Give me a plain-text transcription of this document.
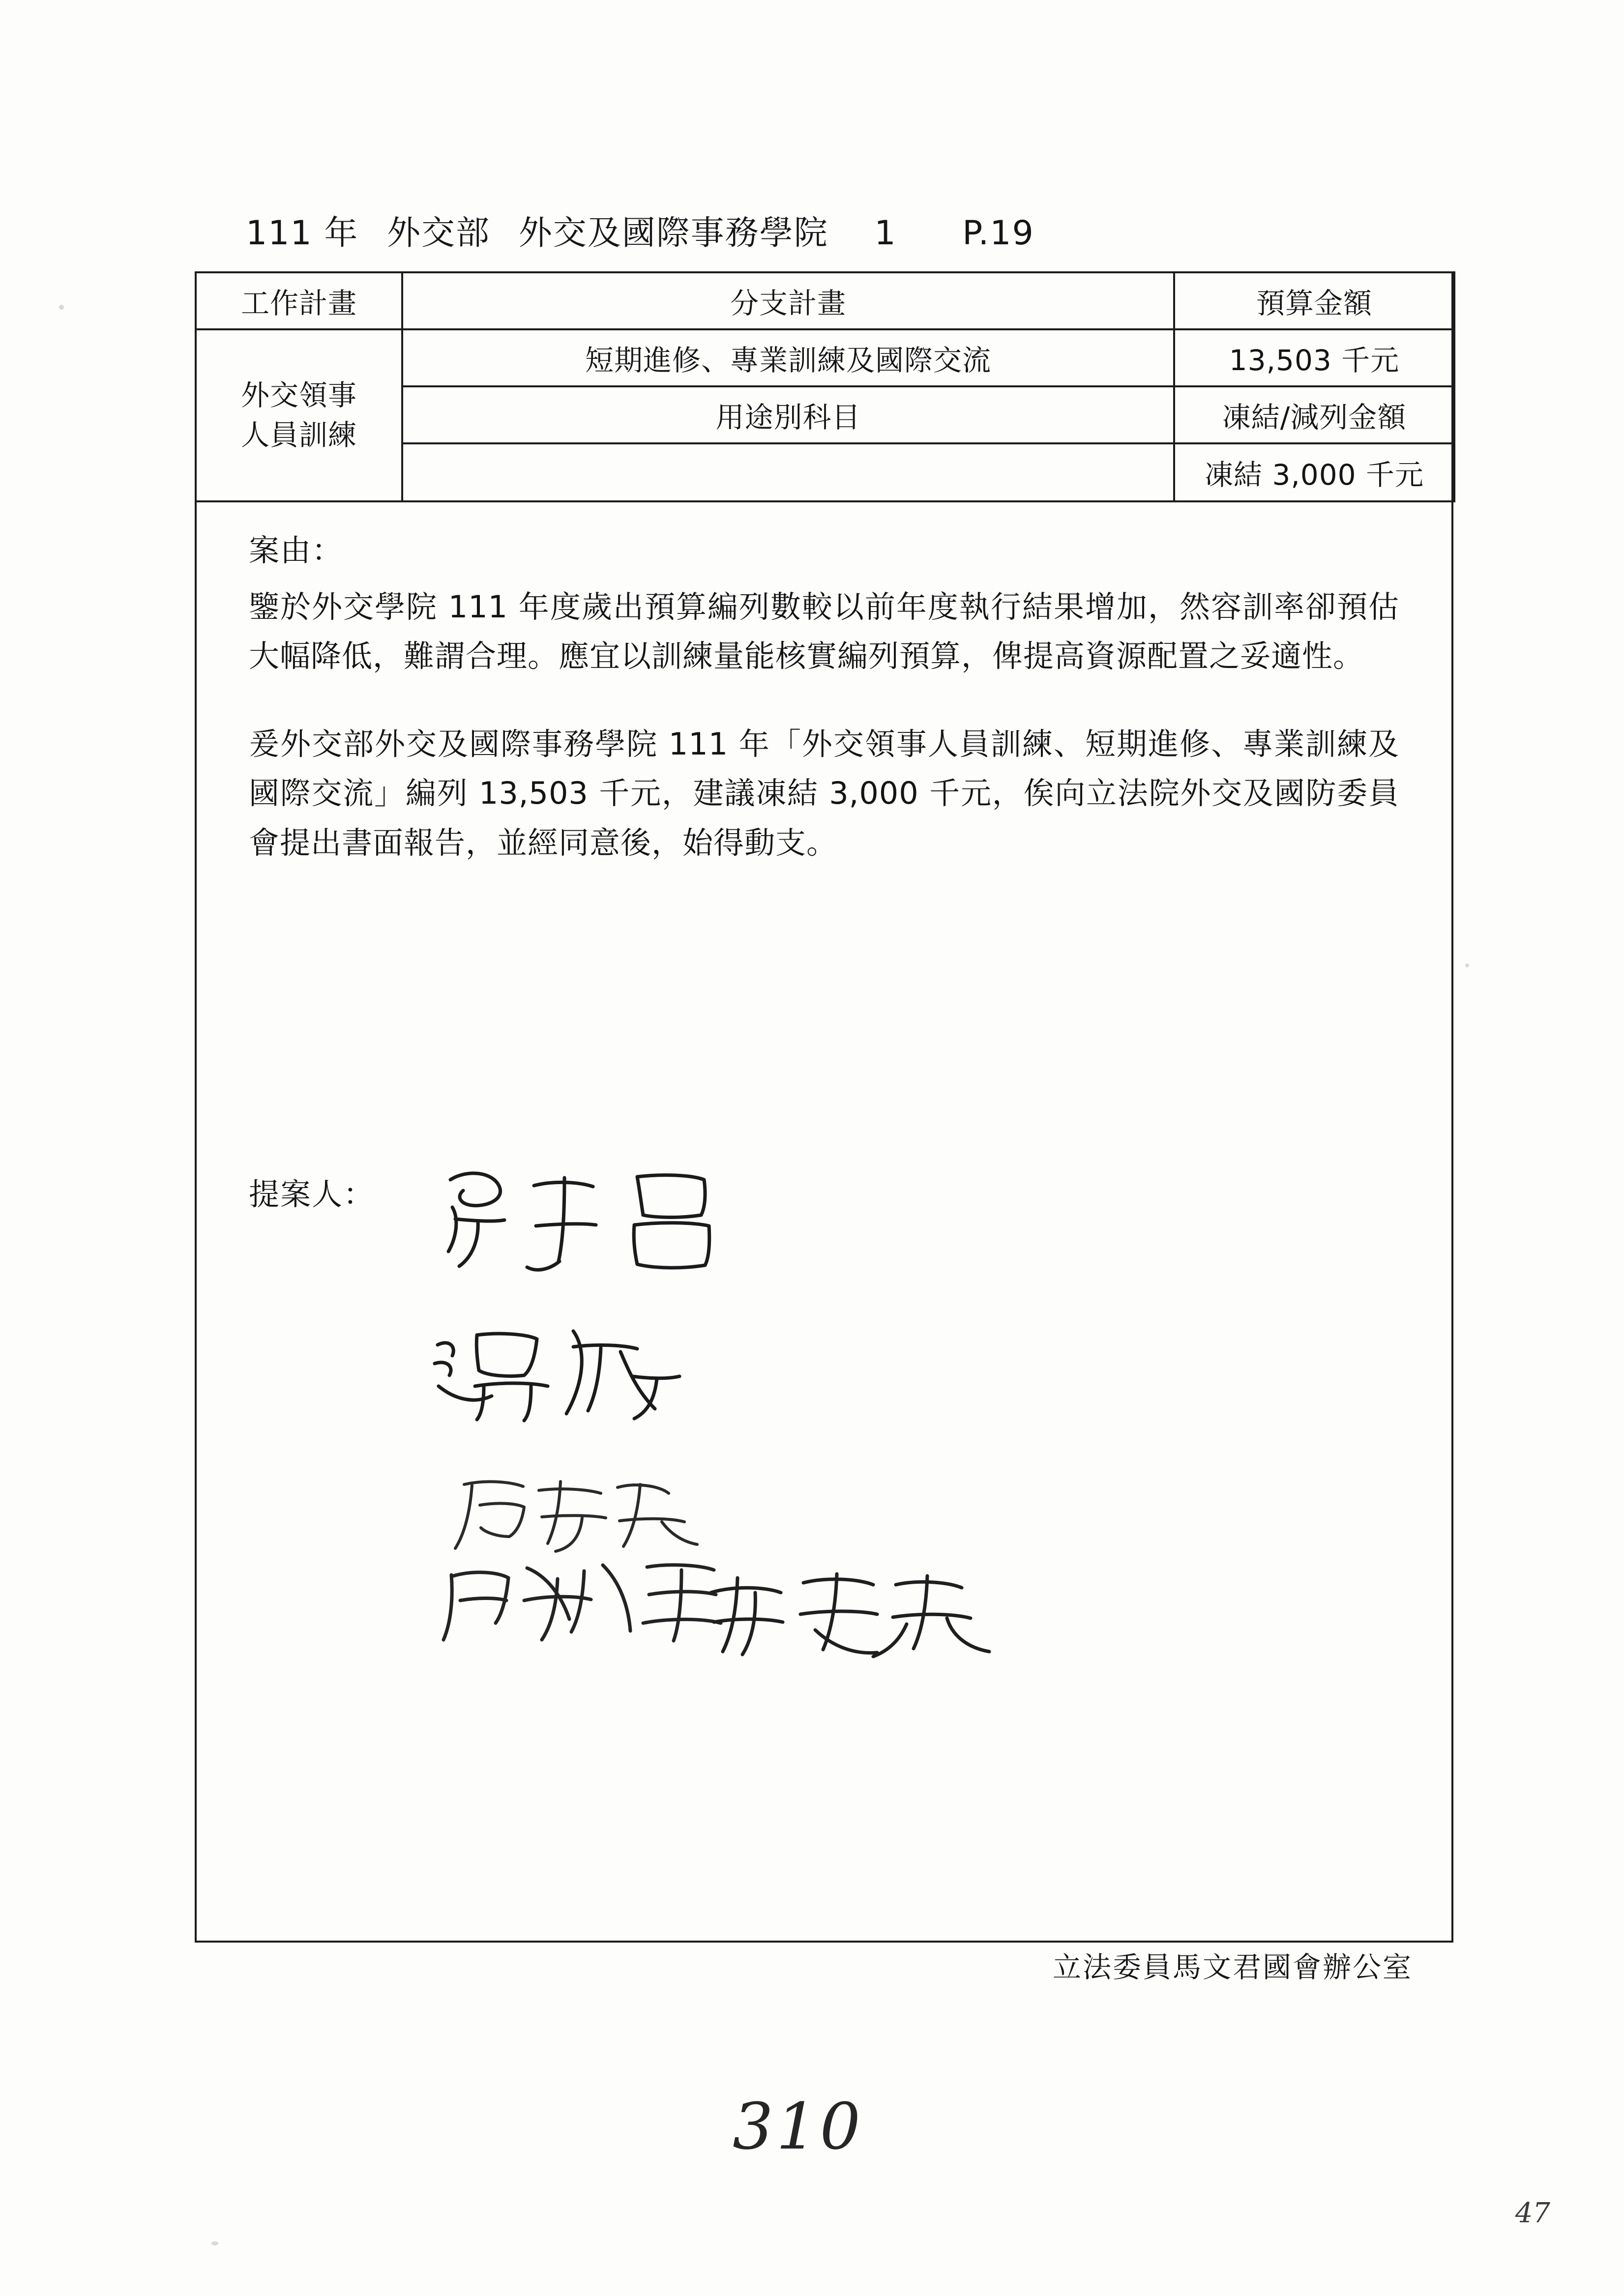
111 年 外交部 外交及國際事務學院 1 P.19
工作計畫	分支計畫	預算金額

外交領事
人員訓練	短期進修、專業訓練及國際交流	13,503 千元
	用途別科目	凍結/減列金額
		凍結 3,000 千元
案由：

鑒於外交學院 111 年度歲出預算編列數較以前年度執行結果增加，然容訓率卻預估大幅降低，難謂合理。應宜以訓練量能核實編列預算，俾提高資源配置之妥適性。

爰外交部外交及國際事務學院 111 年「外交領事人員訓練、短期進修、專業訓練及國際交流」編列 13,503 千元，建議凍結 3,000 千元，俟向立法院外交及國防委員會提出書面報告，並經同意後，始得動支。

提案人：
立法委員馬文君國會辦公室
310
47
